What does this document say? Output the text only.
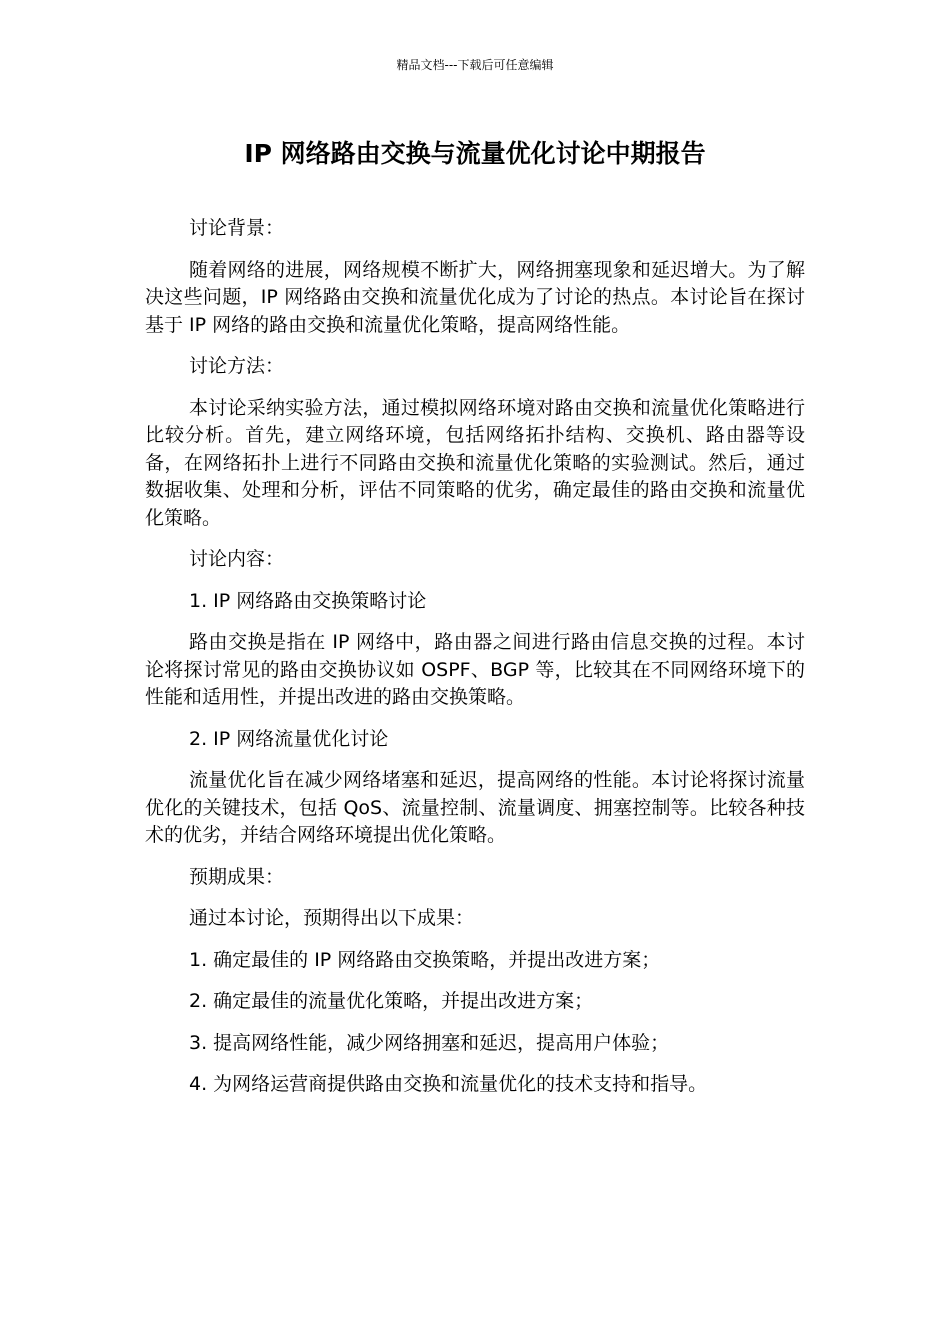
精品文档---下载后可任意编辑
IP 网络路由交换与流量优化讨论中期报告

讨论背景：

随着网络的进展，网络规模不断扩大，网络拥塞现象和延迟增大。为了解决这些问题，IP 网络路由交换和流量优化成为了讨论的热点。本讨论旨在探讨基于 IP 网络的路由交换和流量优化策略，提高网络性能。

讨论方法：

本讨论采纳实验方法，通过模拟网络环境对路由交换和流量优化策略进行比较分析。首先，建立网络环境，包括网络拓扑结构、交换机、路由器等设备，在网络拓扑上进行不同路由交换和流量优化策略的实验测试。然后，通过数据收集、处理和分析，评估不同策略的优劣，确定最佳的路由交换和流量优化策略。

讨论内容：

1. IP 网络路由交换策略讨论

路由交换是指在 IP 网络中，路由器之间进行路由信息交换的过程。本讨论将探讨常见的路由交换协议如 OSPF、BGP 等，比较其在不同网络环境下的性能和适用性，并提出改进的路由交换策略。

2. IP 网络流量优化讨论

流量优化旨在减少网络堵塞和延迟，提高网络的性能。本讨论将探讨流量优化的关键技术，包括 QoS、流量控制、流量调度、拥塞控制等。比较各种技术的优劣，并结合网络环境提出优化策略。

预期成果：

通过本讨论，预期得出以下成果：

1. 确定最佳的 IP 网络路由交换策略，并提出改进方案；

2. 确定最佳的流量优化策略，并提出改进方案；

3. 提高网络性能，减少网络拥塞和延迟，提高用户体验；

4. 为网络运营商提供路由交换和流量优化的技术支持和指导。
